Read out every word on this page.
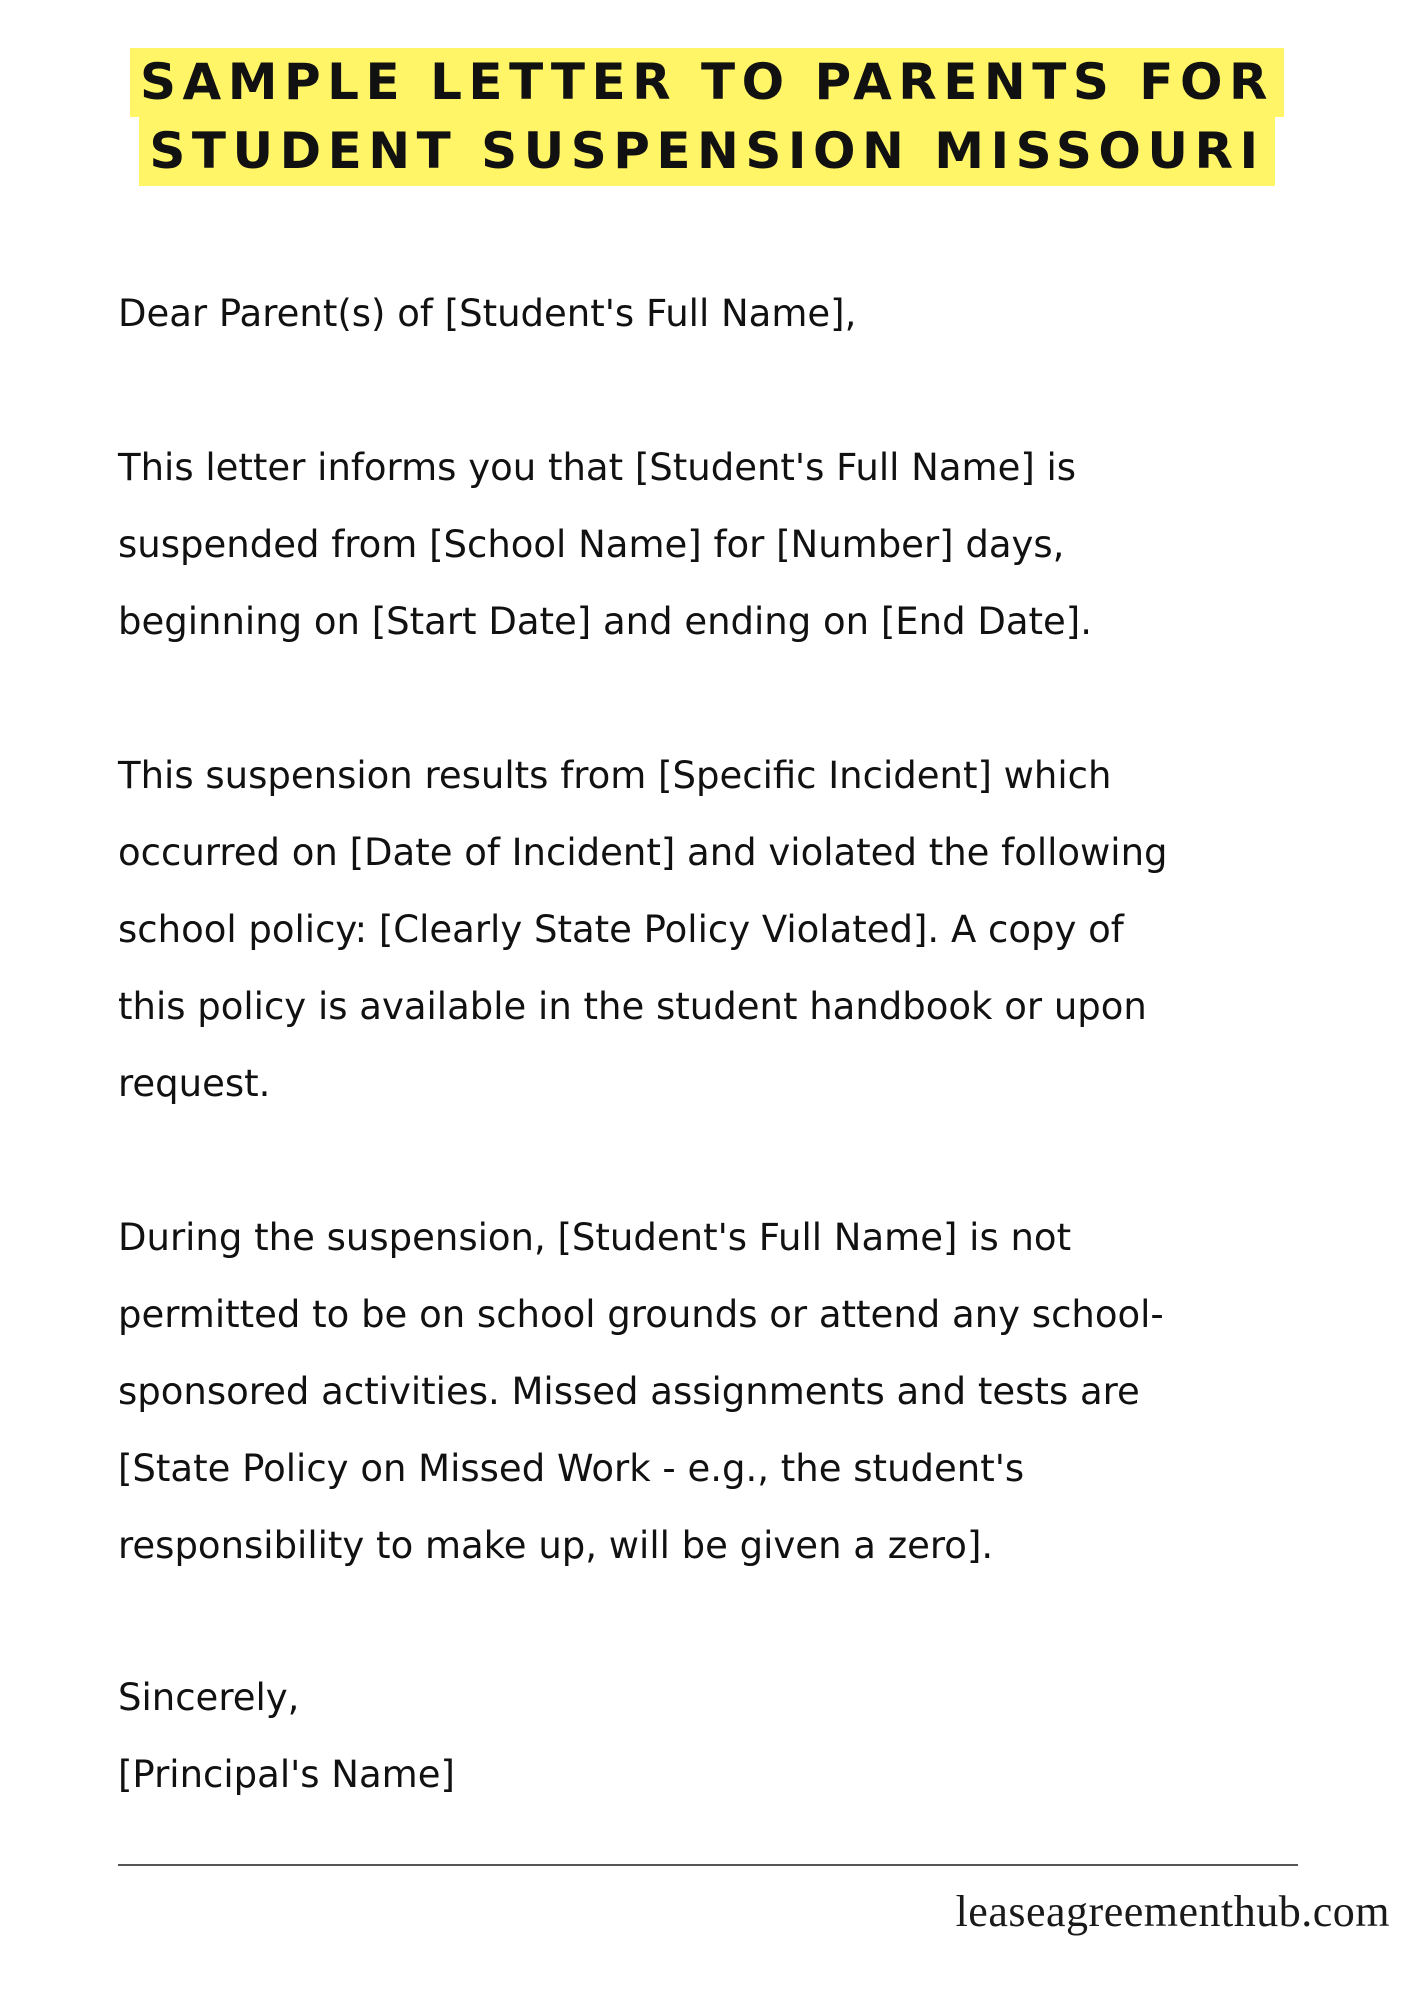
SAMPLE LETTER TO PARENTS FOR
STUDENT SUSPENSION MISSOURI

Dear Parent(s) of [Student's Full Name],

This letter informs you that [Student's Full Name] is
suspended from [School Name] for [Number] days,
beginning on [Start Date] and ending on [End Date].

This suspension results from [Specific Incident] which
occurred on [Date of Incident] and violated the following
school policy: [Clearly State Policy Violated]. A copy of
this policy is available in the student handbook or upon
request.

During the suspension, [Student's Full Name] is not
permitted to be on school grounds or attend any school-
sponsored activities. Missed assignments and tests are
[State Policy on Missed Work - e.g., the student's
responsibility to make up, will be given a zero].

Sincerely,
[Principal's Name]

leaseagreementhub.com
